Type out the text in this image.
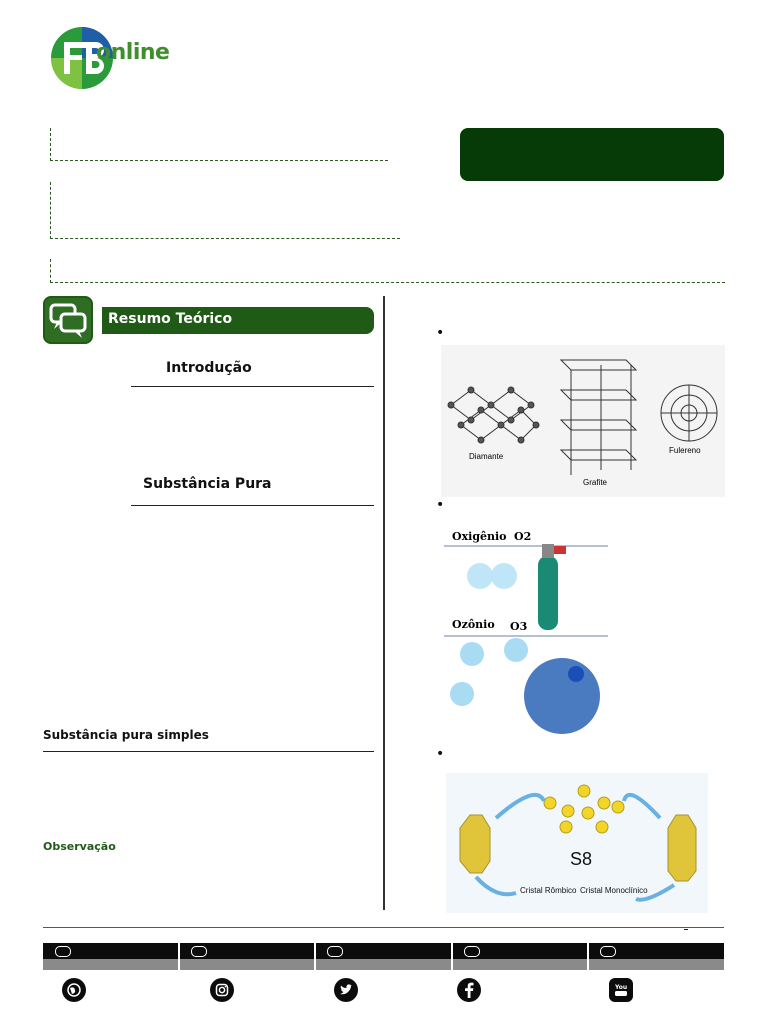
online
Resumo Teórico
Introdução
Substância Pura
Substância pura simples
Observação
•
•
•
Diamante
Grafite
Fulereno
Oxigênio O2
Ozônio O3
S8
Cristal Rômbico Cristal Monoclínico
You
